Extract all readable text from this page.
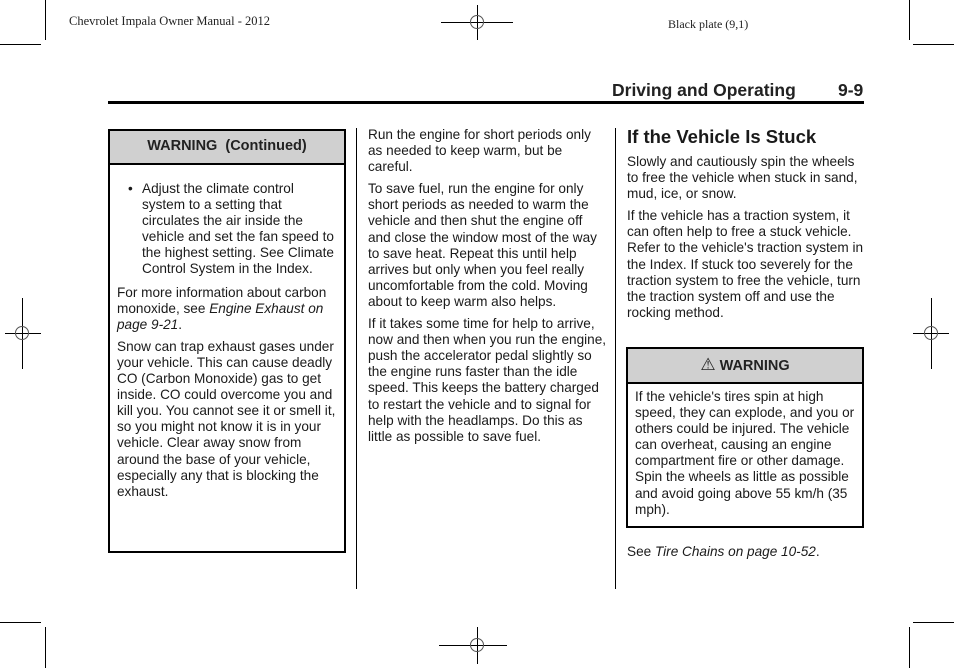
Chevrolet Impala Owner Manual - 2012	Black plate (9,1)
Driving and Operating 9-9
WARNING  (Continued)
• Adjust the climate control system to a setting that circulates the air inside the vehicle and set the fan speed to the highest setting. See Climate Control System in the Index.

For more information about carbon monoxide, see Engine Exhaust on page 9-21.

Snow can trap exhaust gases under your vehicle. This can cause deadly CO (Carbon Monoxide) gas to get inside. CO could overcome you and kill you. You cannot see it or smell it, so you might not know it is in your vehicle. Clear away snow from around the base of your vehicle, especially any that is blocking the exhaust.

Run the engine for short periods only as needed to keep warm, but be careful.

To save fuel, run the engine for only short periods as needed to warm the vehicle and then shut the engine off and close the window most of the way to save heat. Repeat this until help arrives but only when you feel really uncomfortable from the cold. Moving about to keep warm also helps.

If it takes some time for help to arrive, now and then when you run the engine, push the accelerator pedal slightly so the engine runs faster than the idle speed. This keeps the battery charged to restart the vehicle and to signal for help with the headlamps. Do this as little as possible to save fuel.

If the Vehicle Is Stuck

Slowly and cautiously spin the wheels to free the vehicle when stuck in sand, mud, ice, or snow.

If the vehicle has a traction system, it can often help to free a stuck vehicle. Refer to the vehicle's traction system in the Index. If stuck too severely for the traction system to free the vehicle, turn the traction system off and use the rocking method.

⚠ WARNING

If the vehicle's tires spin at high speed, they can explode, and you or others could be injured. The vehicle can overheat, causing an engine compartment fire or other damage. Spin the wheels as little as possible and avoid going above 55 km/h (35 mph).

See Tire Chains on page 10-52.
